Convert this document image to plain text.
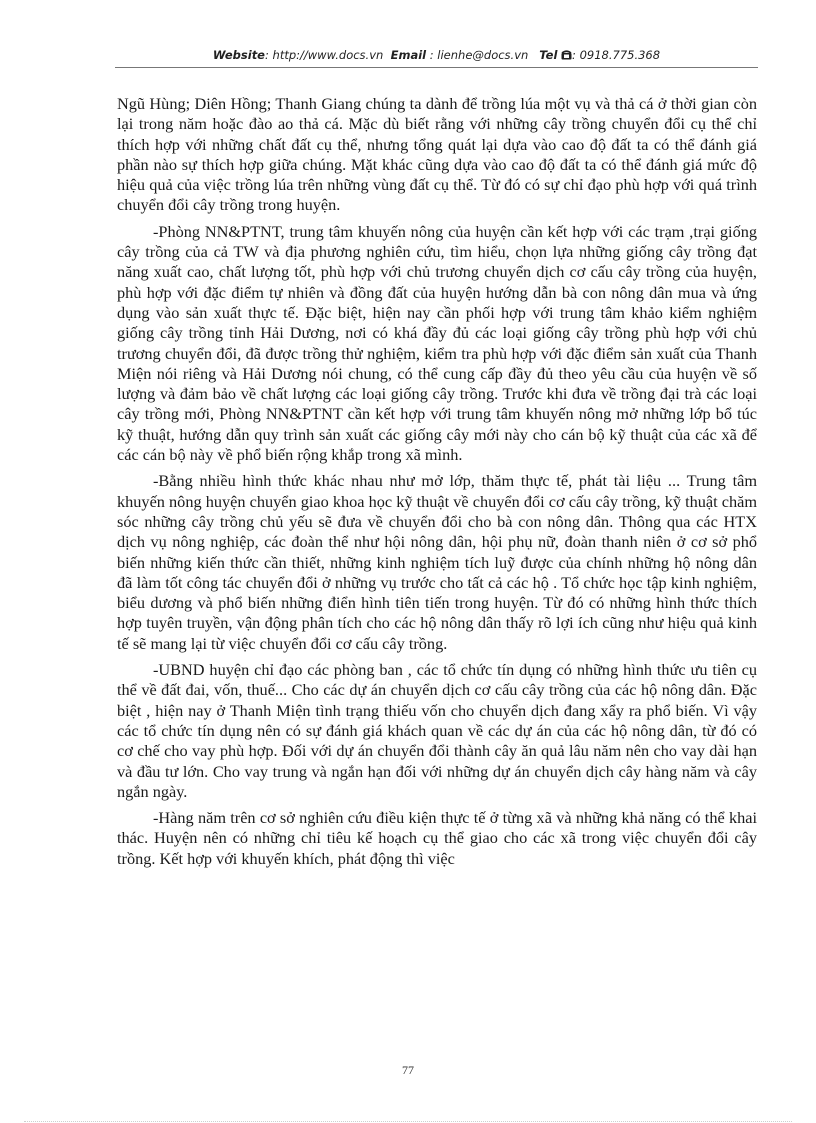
Website: http://www.docs.vn Email : lienhe@docs.vn Tel : 0918.775.368

Ngũ Hùng; Diên Hồng; Thanh Giang chúng ta dành để trồng lúa một vụ và thả cá ở thời gian còn lại trong năm hoặc đào ao thả cá. Mặc dù biết rằng với những cây trồng chuyển đổi cụ thể chỉ thích hợp với những chất đất cụ thể, nhưng tổng quát lại dựa vào cao độ đất ta có thể đánh giá phần nào sự thích hợp giữa chúng. Mặt khác cũng dựa vào cao độ đất ta có thể đánh giá mức độ hiệu quả của việc trồng lúa trên những vùng đất cụ thể. Từ đó có sự chỉ đạo phù hợp với quá trình chuyển đổi cây trồng trong huyện.

-Phòng NN&PTNT, trung tâm khuyến nông của huyện cần kết hợp với các trạm ,trại giống cây trồng của cả TW và địa phương nghiên cứu, tìm hiểu, chọn lựa những giống cây trồng đạt năng xuất cao, chất lượng tốt, phù hợp với chủ trương chuyển dịch cơ cấu cây trồng của huyện, phù hợp với đặc điểm tự nhiên và đồng đất của huyện hướng dẫn bà con nông dân mua và ứng dụng vào sản xuất thực tế. Đặc biệt, hiện nay cần phối hợp với trung tâm khảo kiểm nghiệm giống cây trồng tỉnh Hải Dương, nơi có khá đầy đủ các loại giống cây trồng phù hợp với chủ trương chuyển đổi, đã được trồng thử nghiệm, kiểm tra phù hợp với đặc điểm sản xuất của Thanh Miện nói riêng và Hải Dương nói chung, có thể cung cấp đầy đủ theo yêu cầu của huyện về số lượng và đảm bảo về chất lượng các loại giống cây trồng. Trước khi đưa về trồng đại trà các loại cây trồng mới, Phòng NN&PTNT cần kết hợp với trung tâm khuyến nông mở những lớp bổ túc kỹ thuật, hướng dẫn quy trình sản xuất các giống cây mới này cho cán bộ kỹ thuật của các xã để các cán bộ này về phổ biến rộng khắp trong xã mình.

-Bằng nhiều hình thức khác nhau như mở lớp, thăm thực tế, phát tài liệu ... Trung tâm khuyến nông huyện chuyển giao khoa học kỹ thuật về chuyển đổi cơ cấu cây trồng, kỹ thuật chăm sóc những cây trồng chủ yếu sẽ đưa về chuyển đổi cho bà con nông dân. Thông qua các HTX dịch vụ nông nghiệp, các đoàn thể như hội nông dân, hội phụ nữ, đoàn thanh niên ở cơ sở phổ biến những kiến thức cần thiết, những kinh nghiệm tích luỹ được của chính những hộ nông dân đã làm tốt công tác chuyển đổi ở những vụ trước cho tất cả các hộ . Tổ chức học tập kinh nghiệm, biểu dương và phổ biến những điển hình tiên tiến trong huyện. Từ đó có những hình thức thích hợp tuyên truyền, vận động phân tích cho các hộ nông dân thấy rõ lợi ích cũng như hiệu quả kinh tế sẽ mang lại từ việc chuyển đổi cơ cấu cây trồng.

-UBND huyện chỉ đạo các phòng ban , các tổ chức tín dụng có những hình thức ưu tiên cụ thể về đất đai, vốn, thuế... Cho các dự án chuyển dịch cơ cấu cây trồng của các hộ nông dân. Đặc biệt , hiện nay ở Thanh Miện tình trạng thiếu vốn cho chuyển dịch đang xẩy ra phổ biến. Vì vậy các tổ chức tín dụng nên có sự đánh giá khách quan về các dự án của các hộ nông dân, từ đó có cơ chế cho vay phù hợp. Đối với dự án chuyển đổi thành cây ăn quả lâu năm nên cho vay dài hạn và đầu tư lớn. Cho vay trung và ngắn hạn đối với những dự án chuyển dịch cây hàng năm và cây ngắn ngày.

-Hàng năm trên cơ sở nghiên cứu điều kiện thực tế ở từng xã và những khả năng có thể khai thác. Huyện nên có những chỉ tiêu kế hoạch cụ thể giao cho các xã trong việc chuyển đổi cây trồng. Kết hợp với khuyến khích, phát động thì việc

77
